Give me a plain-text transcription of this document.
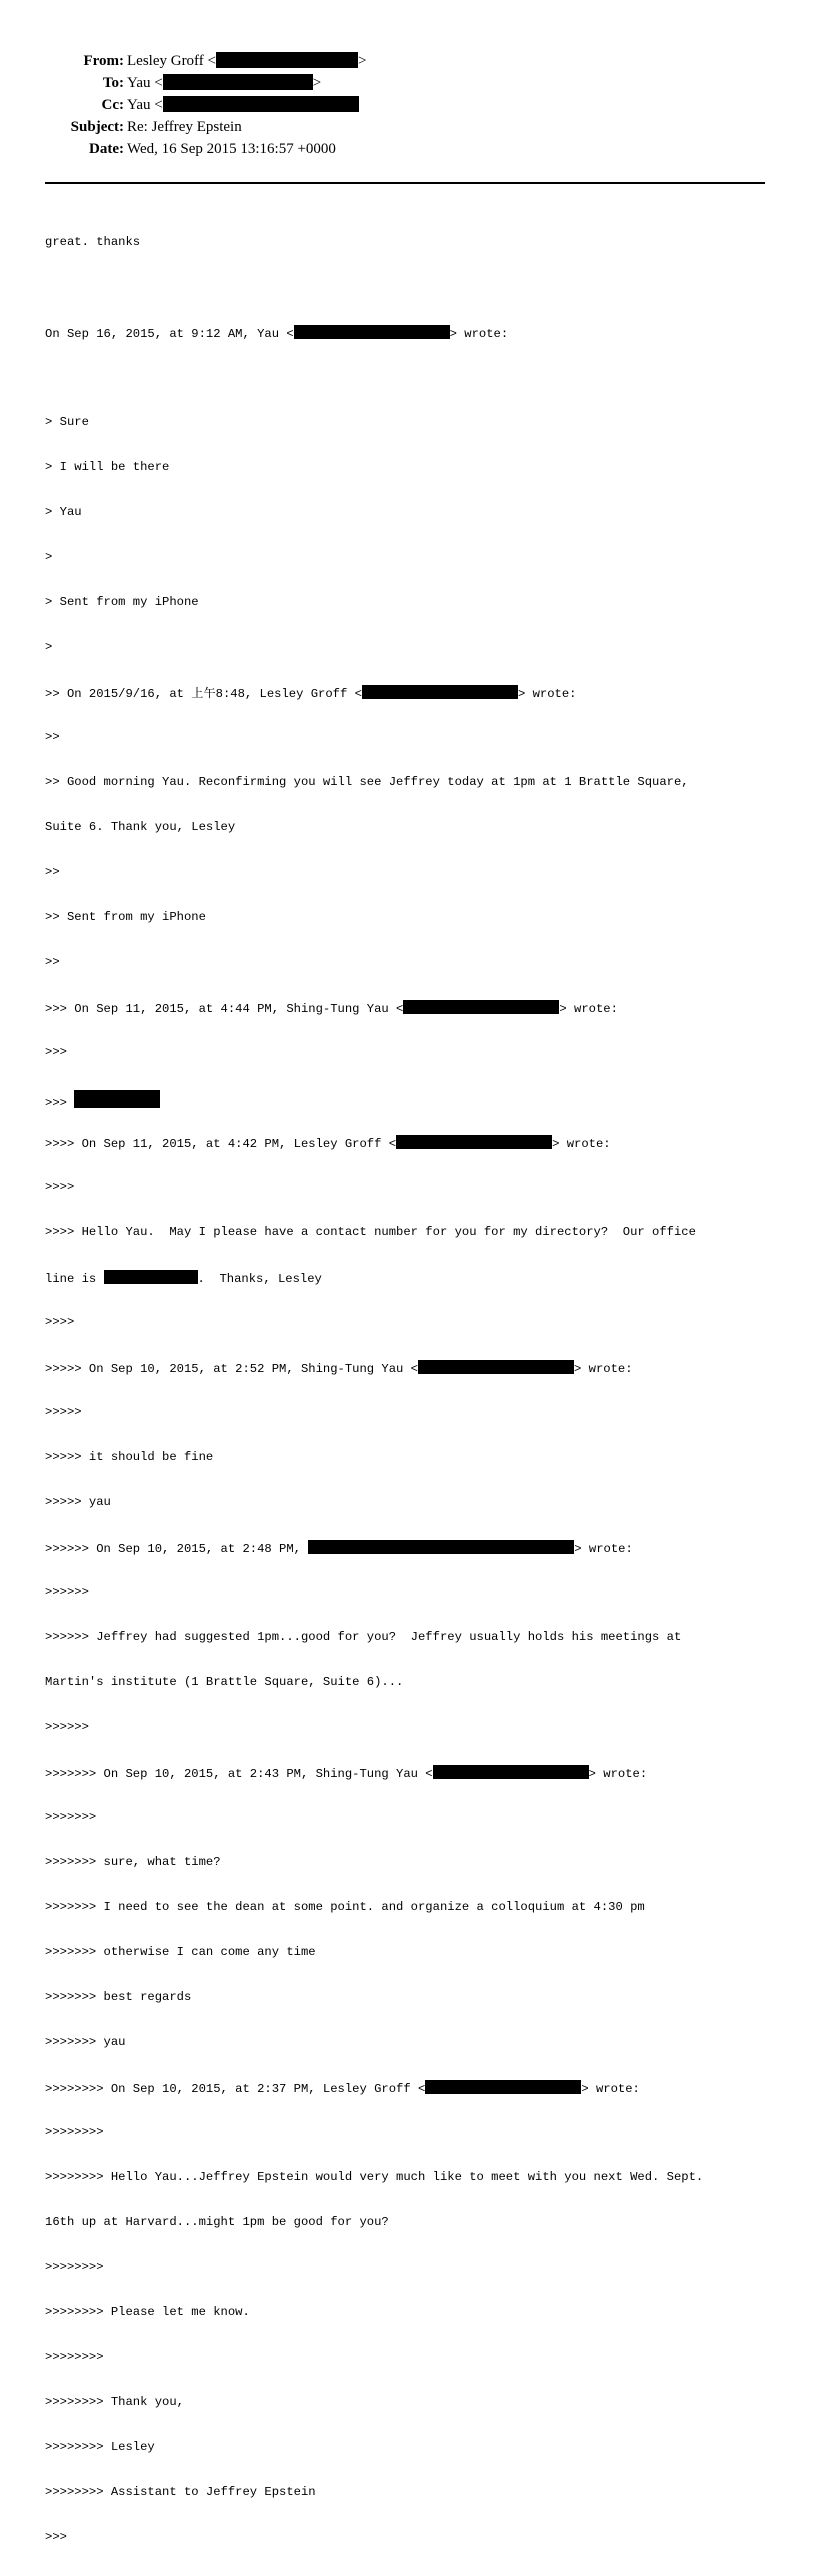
From: Lesley Groff <	>
To: Yau <	>
Cc: Yau <
Subject: Re: Jeffrey Epstein
Date: Wed, 16 Sep 2015 13:16:57 +0000

great. thanks

On Sep 16, 2015, at 9:12 AM, Yau <	> wrote:

> Sure

> I will be there

> Yau

>

> Sent from my iPhone

>

>> On 2015/9/16, at 上午8:48, Lesley Groff <	> wrote:

>>

>> Good morning Yau. Reconfirming you will see Jeffrey today at 1pm at 1 Brattle Square,

Suite 6. Thank you, Lesley

>>

>> Sent from my iPhone

>>

>>> On Sep 11, 2015, at 4:44 PM, Shing-Tung Yau <	> wrote:

>>>

>>>

>>>> On Sep 11, 2015, at 4:42 PM, Lesley Groff <	> wrote:

>>>>

>>>> Hello Yau.  May I please have a contact number for you for my directory?  Our office

line is	.  Thanks, Lesley

>>>>

>>>>> On Sep 10, 2015, at 2:52 PM, Shing-Tung Yau <	> wrote:

>>>>>

>>>>> it should be fine

>>>>> yau

>>>>>> On Sep 10, 2015, at 2:48 PM,	> wrote:

>>>>>>

>>>>>> Jeffrey had suggested 1pm...good for you?  Jeffrey usually holds his meetings at

Martin's institute (1 Brattle Square, Suite 6)...

>>>>>>

>>>>>>> On Sep 10, 2015, at 2:43 PM, Shing-Tung Yau <	> wrote:

>>>>>>>

>>>>>>> sure, what time?

>>>>>>> I need to see the dean at some point. and organize a colloquium at 4:30 pm

>>>>>>> otherwise I can come any time

>>>>>>> best regards

>>>>>>> yau

>>>>>>>> On Sep 10, 2015, at 2:37 PM, Lesley Groff <	> wrote:

>>>>>>>>

>>>>>>>> Hello Yau...Jeffrey Epstein would very much like to meet with you next Wed. Sept.

16th up at Harvard...might 1pm be good for you?

>>>>>>>>

>>>>>>>> Please let me know.

>>>>>>>>

>>>>>>>> Thank you,

>>>>>>>> Lesley

>>>>>>>> Assistant to Jeffrey Epstein

>>>
